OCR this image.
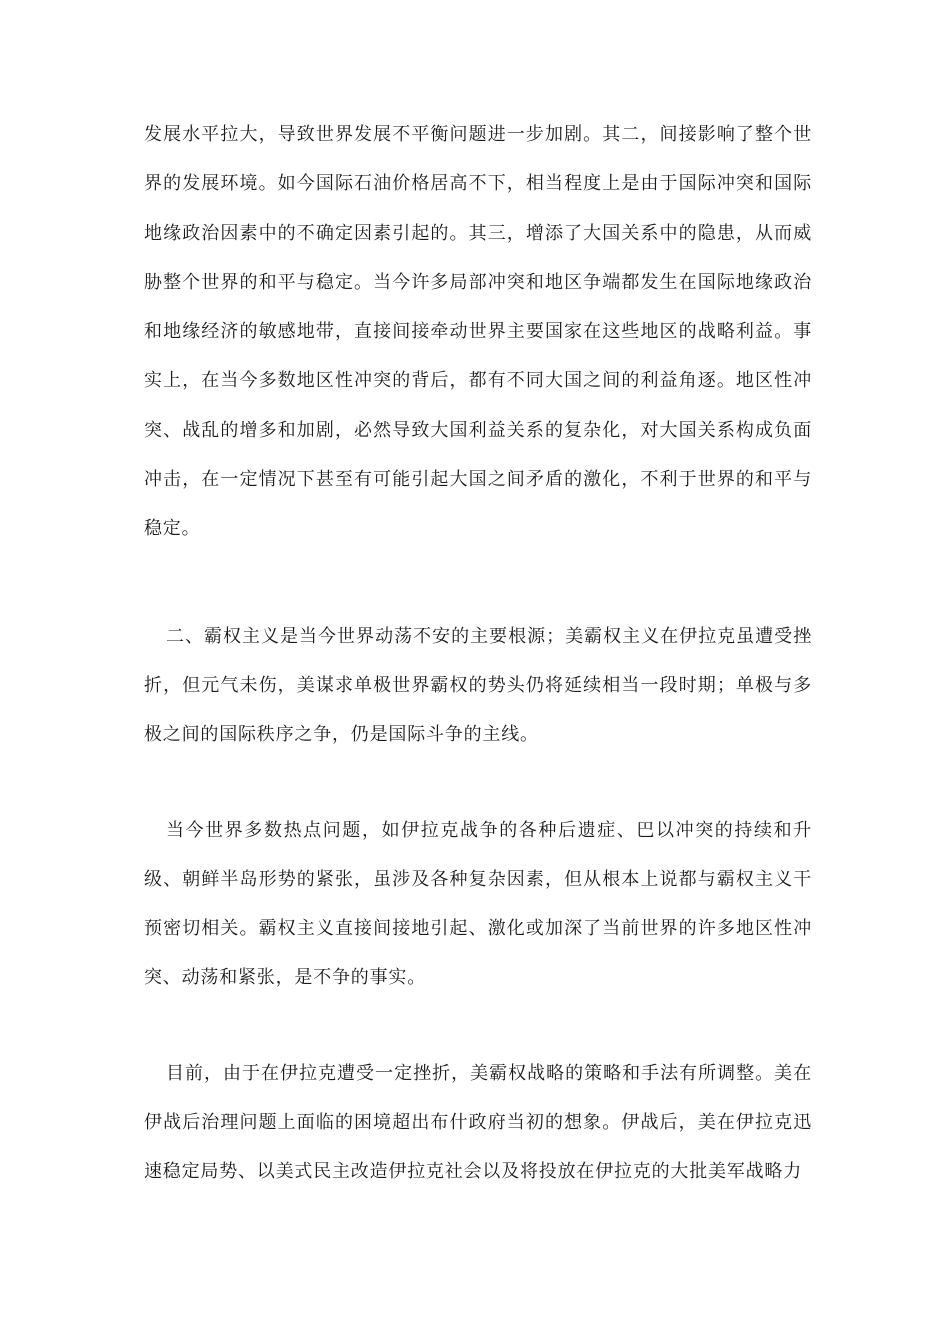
发展水平拉大，导致世界发展不平衡问题进一步加剧。其二，间接影响了整个世界的发展环境。如今国际石油价格居高不下，相当程度上是由于国际冲突和国际地缘政治因素中的不确定因素引起的。其三，增添了大国关系中的隐患，从而威胁整个世界的和平与稳定。当今许多局部冲突和地区争端都发生在国际地缘政治和地缘经济的敏感地带，直接间接牵动世界主要国家在这些地区的战略利益。事实上，在当今多数地区性冲突的背后，都有不同大国之间的利益角逐。地区性冲突、战乱的增多和加剧，必然导致大国利益关系的复杂化，对大国关系构成负面冲击，在一定情况下甚至有可能引起大国之间矛盾的激化，不利于世界的和平与稳定。

二、霸权主义是当今世界动荡不安的主要根源；美霸权主义在伊拉克虽遭受挫折，但元气未伤，美谋求单极世界霸权的势头仍将延续相当一段时期；单极与多极之间的国际秩序之争，仍是国际斗争的主线。

当今世界多数热点问题，如伊拉克战争的各种后遗症、巴以冲突的持续和升级、朝鲜半岛形势的紧张，虽涉及各种复杂因素，但从根本上说都与霸权主义干预密切相关。霸权主义直接间接地引起、激化或加深了当前世界的许多地区性冲突、动荡和紧张，是不争的事实。

目前，由于在伊拉克遭受一定挫折，美霸权战略的策略和手法有所调整。美在伊战后治理问题上面临的困境超出布什政府当初的想象。伊战后，美在伊拉克迅速稳定局势、以美式民主改造伊拉克社会以及将投放在伊拉克的大批美军战略力
